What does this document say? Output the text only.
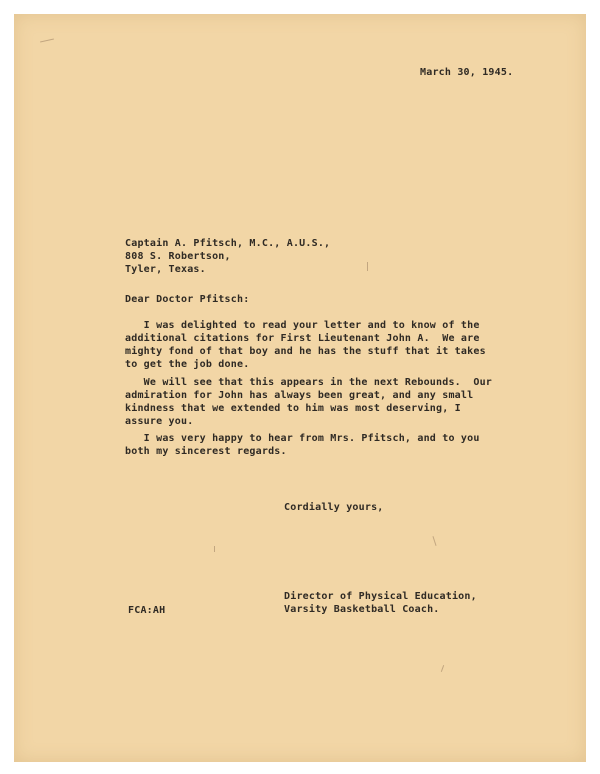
March 30, 1945.
Captain A. Pfitsch, M.C., A.U.S.,
808 S. Robertson,
Tyler, Texas.
Dear Doctor Pfitsch:
I was delighted to read your letter and to know of the
additional citations for First Lieutenant John A.  We are
mighty fond of that boy and he has the stuff that it takes
to get the job done.
We will see that this appears in the next Rebounds.  Our
admiration for John has always been great, and any small
kindness that we extended to him was most deserving, I
assure you.
I was very happy to hear from Mrs. Pfitsch, and to you
both my sincerest regards.
Cordially yours,
Director of Physical Education,
Varsity Basketball Coach.
FCA:AH
